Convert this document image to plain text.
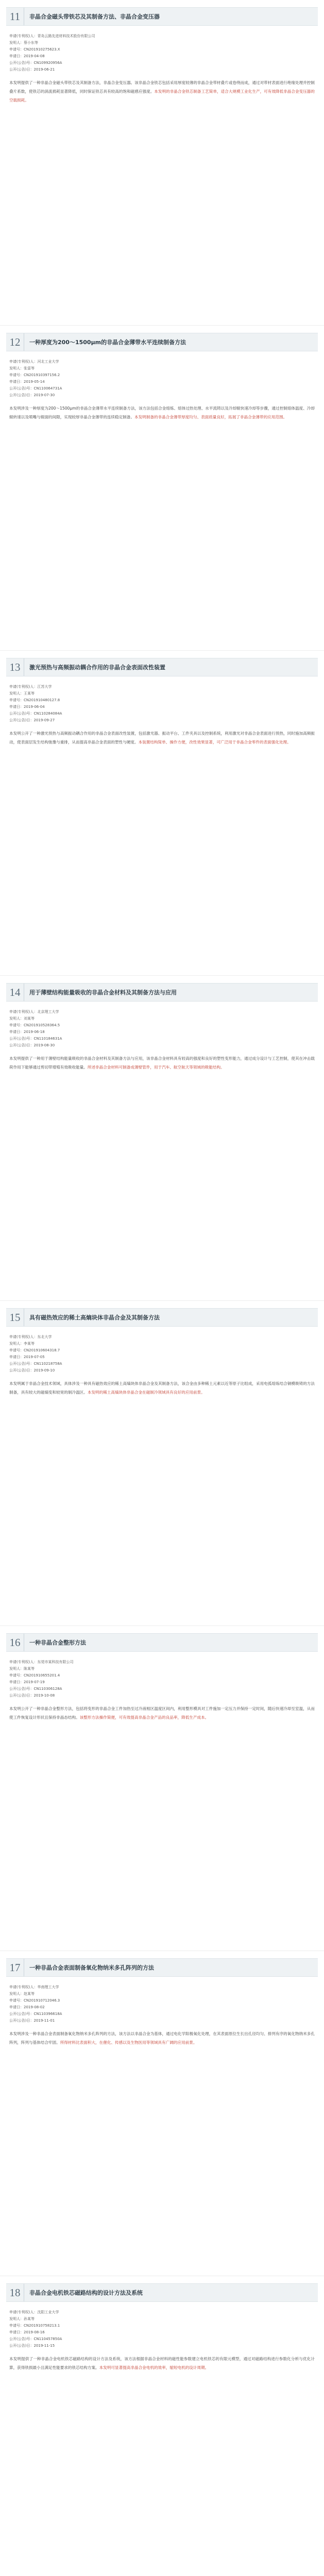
11	非晶合金磁头带铁芯及其制备方法、非晶合金变压器
申请(专利权)人：青岛云路先进材料技术股份有限公司
发明人：蔡小东等
申请号：CN201910275623.X
申请日：2019-04-08
公开(公告)号：CN109920956A
公开(公告)日：2019-06-21
本发明提供了一种非晶合金磁头带铁芯及其制备方法，非晶合金变压器。该非晶合金铁芯包括采用厚度较薄的非晶合金带材叠片或卷绕而成，通过对带材表面进行绝缘处理并控制叠片系数，使铁芯的涡流损耗显著降低，同时保证铁芯具有较高的饱和磁感应强度。本发明的非晶合金铁芯制备工艺简单，适合大规模工业化生产，可有效降低非晶合金变压器的空载损耗。
12	一种厚度为200～1500μm的非晶合金薄带水平连续制备方法
申请(专利权)人：河北工业大学
发明人：张雷等
申请号：CN201910397156.2
申请日：2019-05-14
公开(公告)号：CN110064731A
公开(公告)日：2019-07-30
本发明涉及一种厚度为200～1500μm的非晶合金薄带水平连续制备方法，该方法包括合金熔炼、熔体过热处理、水平流铸以及冷却辊快速冷却等步骤，通过控制熔体温度、冷却辊转速以及喷嘴与辊面的间隙，实现较厚非晶合金薄带的连续稳定制备。本发明制备的非晶合金薄带厚度均匀、表面质量良好，拓展了非晶合金薄带的应用范围。
13	激光预热与高频振动耦合作用的非晶合金表面改性装置
申请(专利权)人：江苏大学
发明人：王某等
申请号：CN201910480127.8
申请日：2019-06-04
公开(公告)号：CN110284084A
公开(公告)日：2019-09-27
本发明公开了一种激光预热与高频振动耦合作用的非晶合金表面改性装置，包括激光器、振动平台、工件夹具以及控制系统，利用激光对非晶合金表面进行预热，同时施加高频振动，使表面层发生结构弛豫与重排，从而提高非晶合金表面的塑性与硬度。本装置结构简单、操作方便，改性效果显著，可广泛用于非晶合金零件的表面强化处理。
14	用于薄壁结构能量吸收的非晶合金材料及其制备方法与应用
申请(专利权)人：北京理工大学
发明人：刘某等
申请号：CN201910528364.5
申请日：2019-06-18
公开(公告)号：CN110184631A
公开(公告)日：2019-08-30
本发明提供了一种用于薄壁结构能量吸收的非晶合金材料及其制备方法与应用，该非晶合金材料具有较高的强度和良好的塑性变形能力，通过成分设计与工艺控制，使其在冲击载荷作用下能够通过剪切带增殖有效吸收能量。所述非晶合金材料可制备成薄壁管件，用于汽车、航空航天等领域的吸能结构。
15	具有磁热效应的稀土高熵块体非晶合金及其制备方法
申请(专利权)人：东北大学
发明人：李某等
申请号：CN201910604318.7
申请日：2019-07-05
公开(公告)号：CN110218758A
公开(公告)日：2019-09-10
本发明属于非晶合金技术领域，具体涉及一种具有磁热效应的稀土高熵块体非晶合金及其制备方法，该合金由多种稀土元素以近等原子比组成，采用电弧熔炼结合铜模吸铸的方法制备，具有较大的磁熵变和较宽的制冷温区。本发明的稀土高熵块体非晶合金在磁制冷领域具有良好的应用前景。
16	一种非晶合金整形方法
申请(专利权)人：东莞市某科技有限公司
发明人：陈某等
申请号：CN201910655201.4
申请日：2019-07-19
公开(公告)号：CN110306128A
公开(公告)日：2019-10-08
本发明公开了一种非晶合金整形方法，包括将变形的非晶合金工件加热至过冷液相区温度区间内，利用整形模具对工件施加一定压力并保持一定时间，随后快速冷却至室温，从而使工件恢复设计形状且保持非晶态结构。该整形方法操作简便，可有效提高非晶合金产品的良品率，降低生产成本。
17	一种非晶合金表面制备氧化物纳米多孔阵列的方法
申请(专利权)人：华南理工大学
发明人：赵某等
申请号：CN201910712046.3
申请日：2019-08-02
公开(公告)号：CN110396618A
公开(公告)日：2019-11-01
本发明涉及一种非晶合金表面制备氧化物纳米多孔阵列的方法，该方法以非晶合金为基体，通过电化学阳极氧化处理，在其表面原位生长出孔径均匀、排列有序的氧化物纳米多孔阵列，阵列与基体结合牢固。所得材料比表面积大，在催化、传感以及生物医用等领域具有广阔的应用前景。
18	非晶合金电机铁芯磁路结构的设计方法及系统
申请(专利权)人：沈阳工业大学
发明人：孙某等
申请号：CN201910758213.1
申请日：2019-08-16
公开(公告)号：CN110457850A
公开(公告)日：2019-11-15
本发明提供了一种非晶合金电机铁芯磁路结构的设计方法及系统，该方法根据非晶合金材料的磁性能参数建立电机铁芯的有限元模型，通过对磁路结构进行参数化分析与优化计算，获得铁损最小且满足性能要求的铁芯结构方案。本发明可显著提高非晶合金电机的效率，缩短电机的设计周期。
